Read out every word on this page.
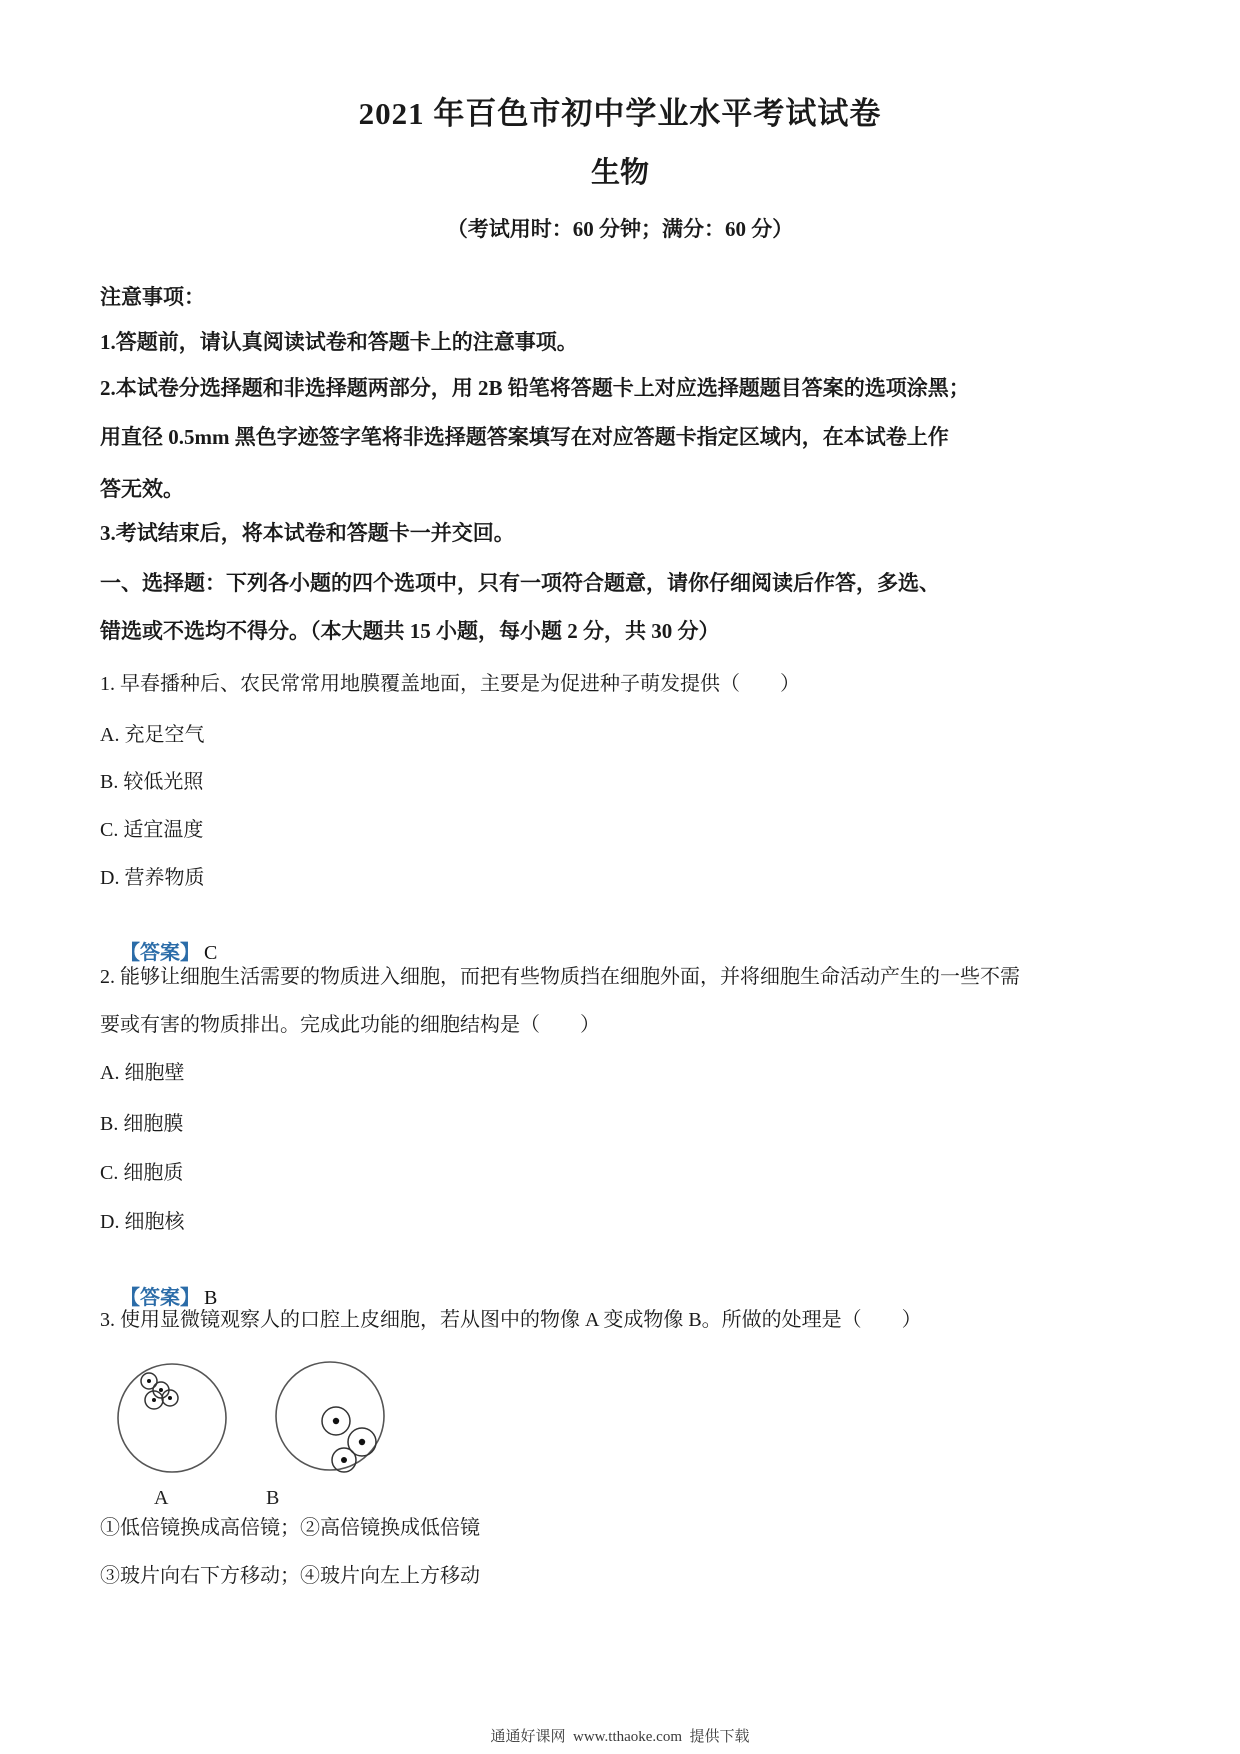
2021 年百色市初中学业水平考试试卷
生物
（考试用时：60 分钟；满分：60 分）
注意事项：
1.答题前，请认真阅读试卷和答题卡上的注意事项。
2.本试卷分选择题和非选择题两部分，用 2B 铅笔将答题卡上对应选择题题目答案的选项涂黑；
用直径 0.5mm 黑色字迹签字笔将非选择题答案填写在对应答题卡指定区域内，在本试卷上作
答无效。
3.考试结束后，将本试卷和答题卡一并交回。
一、选择题：下列各小题的四个选项中，只有一项符合题意，请你仔细阅读后作答，多选、
错选或不选均不得分。（本大题共 15 小题，每小题 2 分，共 30 分）
1. 早春播种后、农民常常用地膜覆盖地面，主要是为促进种子萌发提供（　　）
A. 充足空气
B. 较低光照
C. 适宜温度
D. 营养物质

【答案】 C

2. 能够让细胞生活需要的物质进入细胞，而把有些物质挡在细胞外面，并将细胞生命活动产生的一些不需
要或有害的物质排出。完成此功能的细胞结构是（　　）
A. 细胞壁
B. 细胞膜
C. 细胞质
D. 细胞核

【答案】 B

3. 使用显微镜观察人的口腔上皮细胞，若从图中的物像 A 变成物像 B。所做的处理是（　　）
A	B
①低倍镜换成高倍镜；②高倍镜换成低倍镜
③玻片向右下方移动；④玻片向左上方移动
通通好课网  www.tthaoke.com  提供下载
